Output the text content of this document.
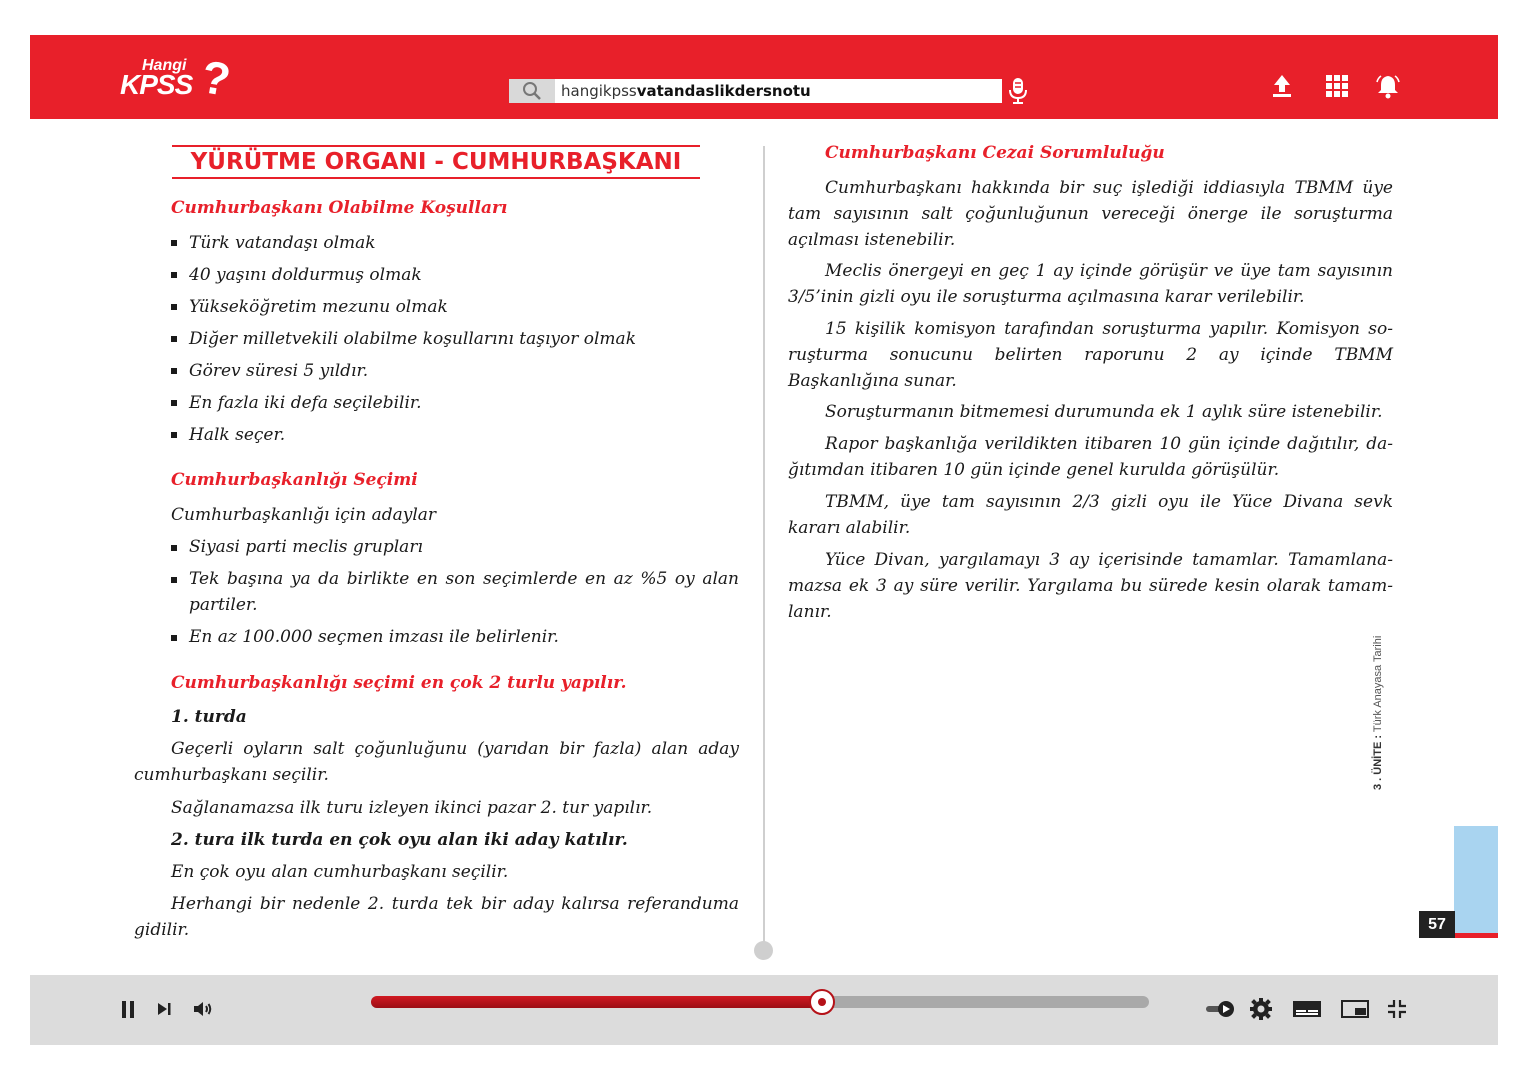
Hangi
KPSS ?	hangikpssvatandaslikdersnotu
YÜRÜTME ORGANI - CUMHURBAŞKANI
Cumhurbaşkanı Olabilme Koşulları
Türk vatandaşı olmak
40 yaşını doldurmuş olmak
Yükseköğretim mezunu olmak
Diğer milletvekili olabilme koşullarını taşıyor olmak
Görev süresi 5 yıldır.
En fazla iki defa seçilebilir.
Halk seçer.
Cumhurbaşkanlığı Seçimi
Cumhurbaşkanlığı için adaylar
Siyasi parti meclis grupları
Tek başına ya da birlikte en son seçimlerde en az %5 oy alan partiler.
En az 100.000 seçmen imzası ile belirlenir.
Cumhurbaşkanlığı seçimi en çok 2 turlu yapılır.
1. turda
Geçerli oyların salt çoğunluğunu (yarıdan bir fazla) alan aday cumhurbaşkanı seçilir.
Sağlanamazsa ilk turu izleyen ikinci pazar 2. tur yapılır.
2. tura ilk turda en çok oyu alan iki aday katılır.
En çok oyu alan cumhurbaşkanı seçilir.
Herhangi bir nedenle 2. turda tek bir aday kalırsa referanduma gidilir.
Cumhurbaşkanı Cezai Sorumluluğu
Cumhurbaşkanı hakkında bir suç işlediği iddiasıyla TBMM üye tam sayısının salt çoğunluğunun vereceği önerge ile soruşturma açılması istenebilir.
Meclis önergeyi en geç 1 ay içinde görüşür ve üye tam sayısının 3/5’inin gizli oyu ile soruşturma açılmasına karar verilebilir.
15 kişilik komisyon tarafından soruşturma yapılır. Komisyon so-ruşturma sonucunu belirten raporunu 2 ay içinde TBMM Başkanlığına sunar.
Soruşturmanın bitmemesi durumunda ek 1 aylık süre istenebilir.
Rapor başkanlığa verildikten itibaren 10 gün içinde dağıtılır, da-ğıtımdan itibaren 10 gün içinde genel kurulda görüşülür.
TBMM, üye tam sayısının 2/3 gizli oyu ile Yüce Divana sevk kararı alabilir.
Yüce Divan, yargılamayı 3 ay içerisinde tamamlar. Tamamlana-mazsa ek 3 ay süre verilir. Yargılama bu sürede kesin olarak tamam-lanır.
3 . ÜNİTE : Türk Anayasa Tarihi
57
